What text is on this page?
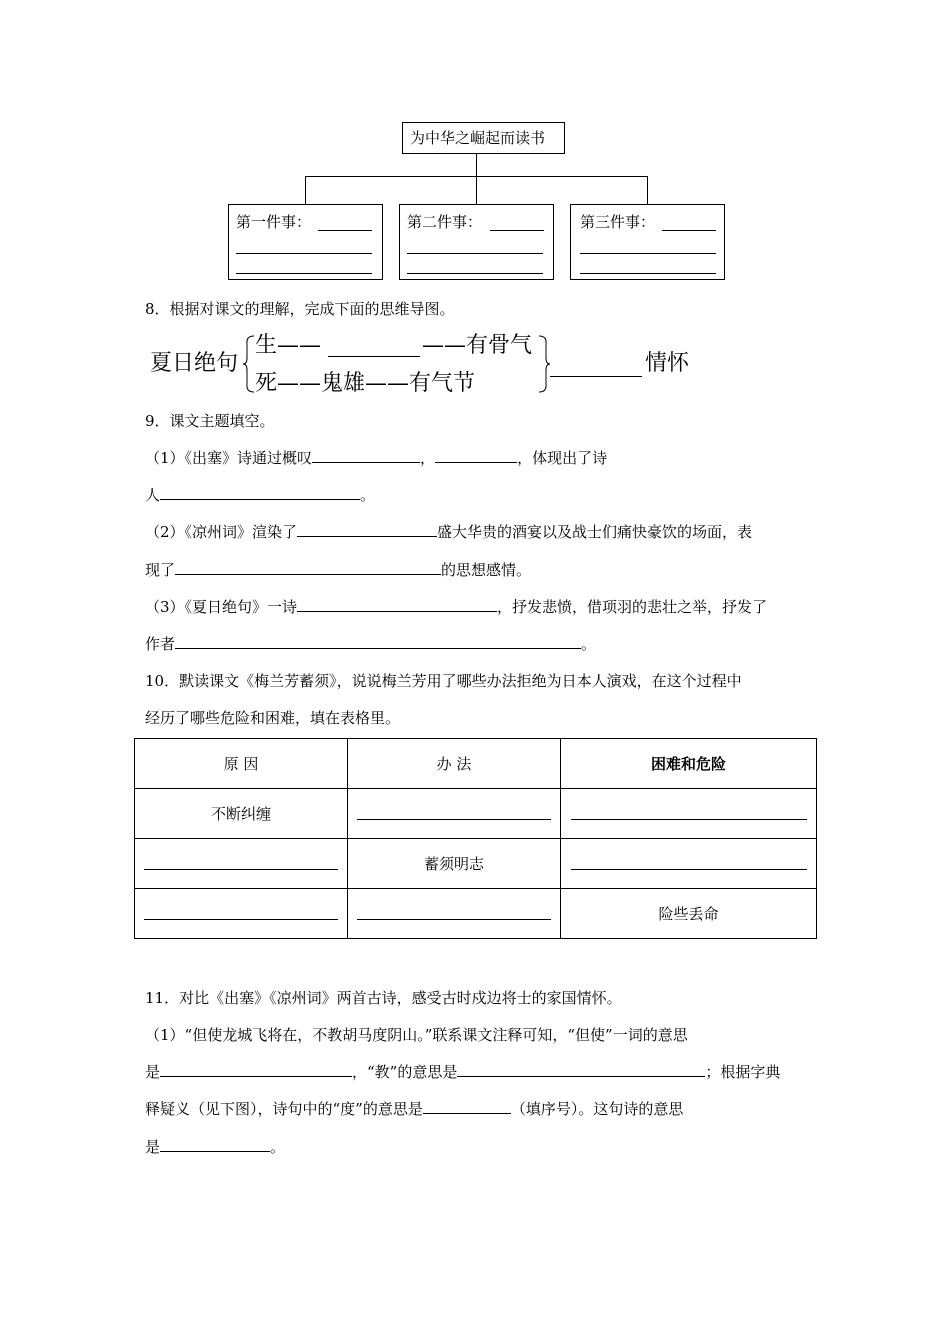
为中华之崛起而读书
第一件事：	第二件事：	第三件事：
8．根据对课文的理解，完成下面的思维导图。
夏日绝句
生——	——有骨气
死——鬼雄——有气节
情怀
9．课文主题填空。
（1）《出塞》诗通过概叹	，	，体现出了诗
人	。
（2）《凉州词》渲染了	盛大华贵的酒宴以及战士们痛快豪饮的场面，表
现了	的思想感情。
（3）《夏日绝句》一诗	，抒发悲愤，借项羽的悲壮之举，抒发了
作者	。
10．默读课文《梅兰芳蓄须》，说说梅兰芳用了哪些办法拒绝为日本人演戏，在这个过程中
经历了哪些危险和困难，填在表格里。
原 因	办 法	困难和危险
不断纠缠		
	蓄须明志	
		险些丢命
11．对比《出塞》《凉州词》两首古诗，感受古时戍边将士的家国情怀。
（1）“但使龙城飞将在，不教胡马度阴山。”联系课文注释可知，“但使”一词的意思
是	，“教”的意思是	；根据字典
释疑义（见下图），诗句中的“度”的意思是	（填序号）。这句诗的意思
是	。
